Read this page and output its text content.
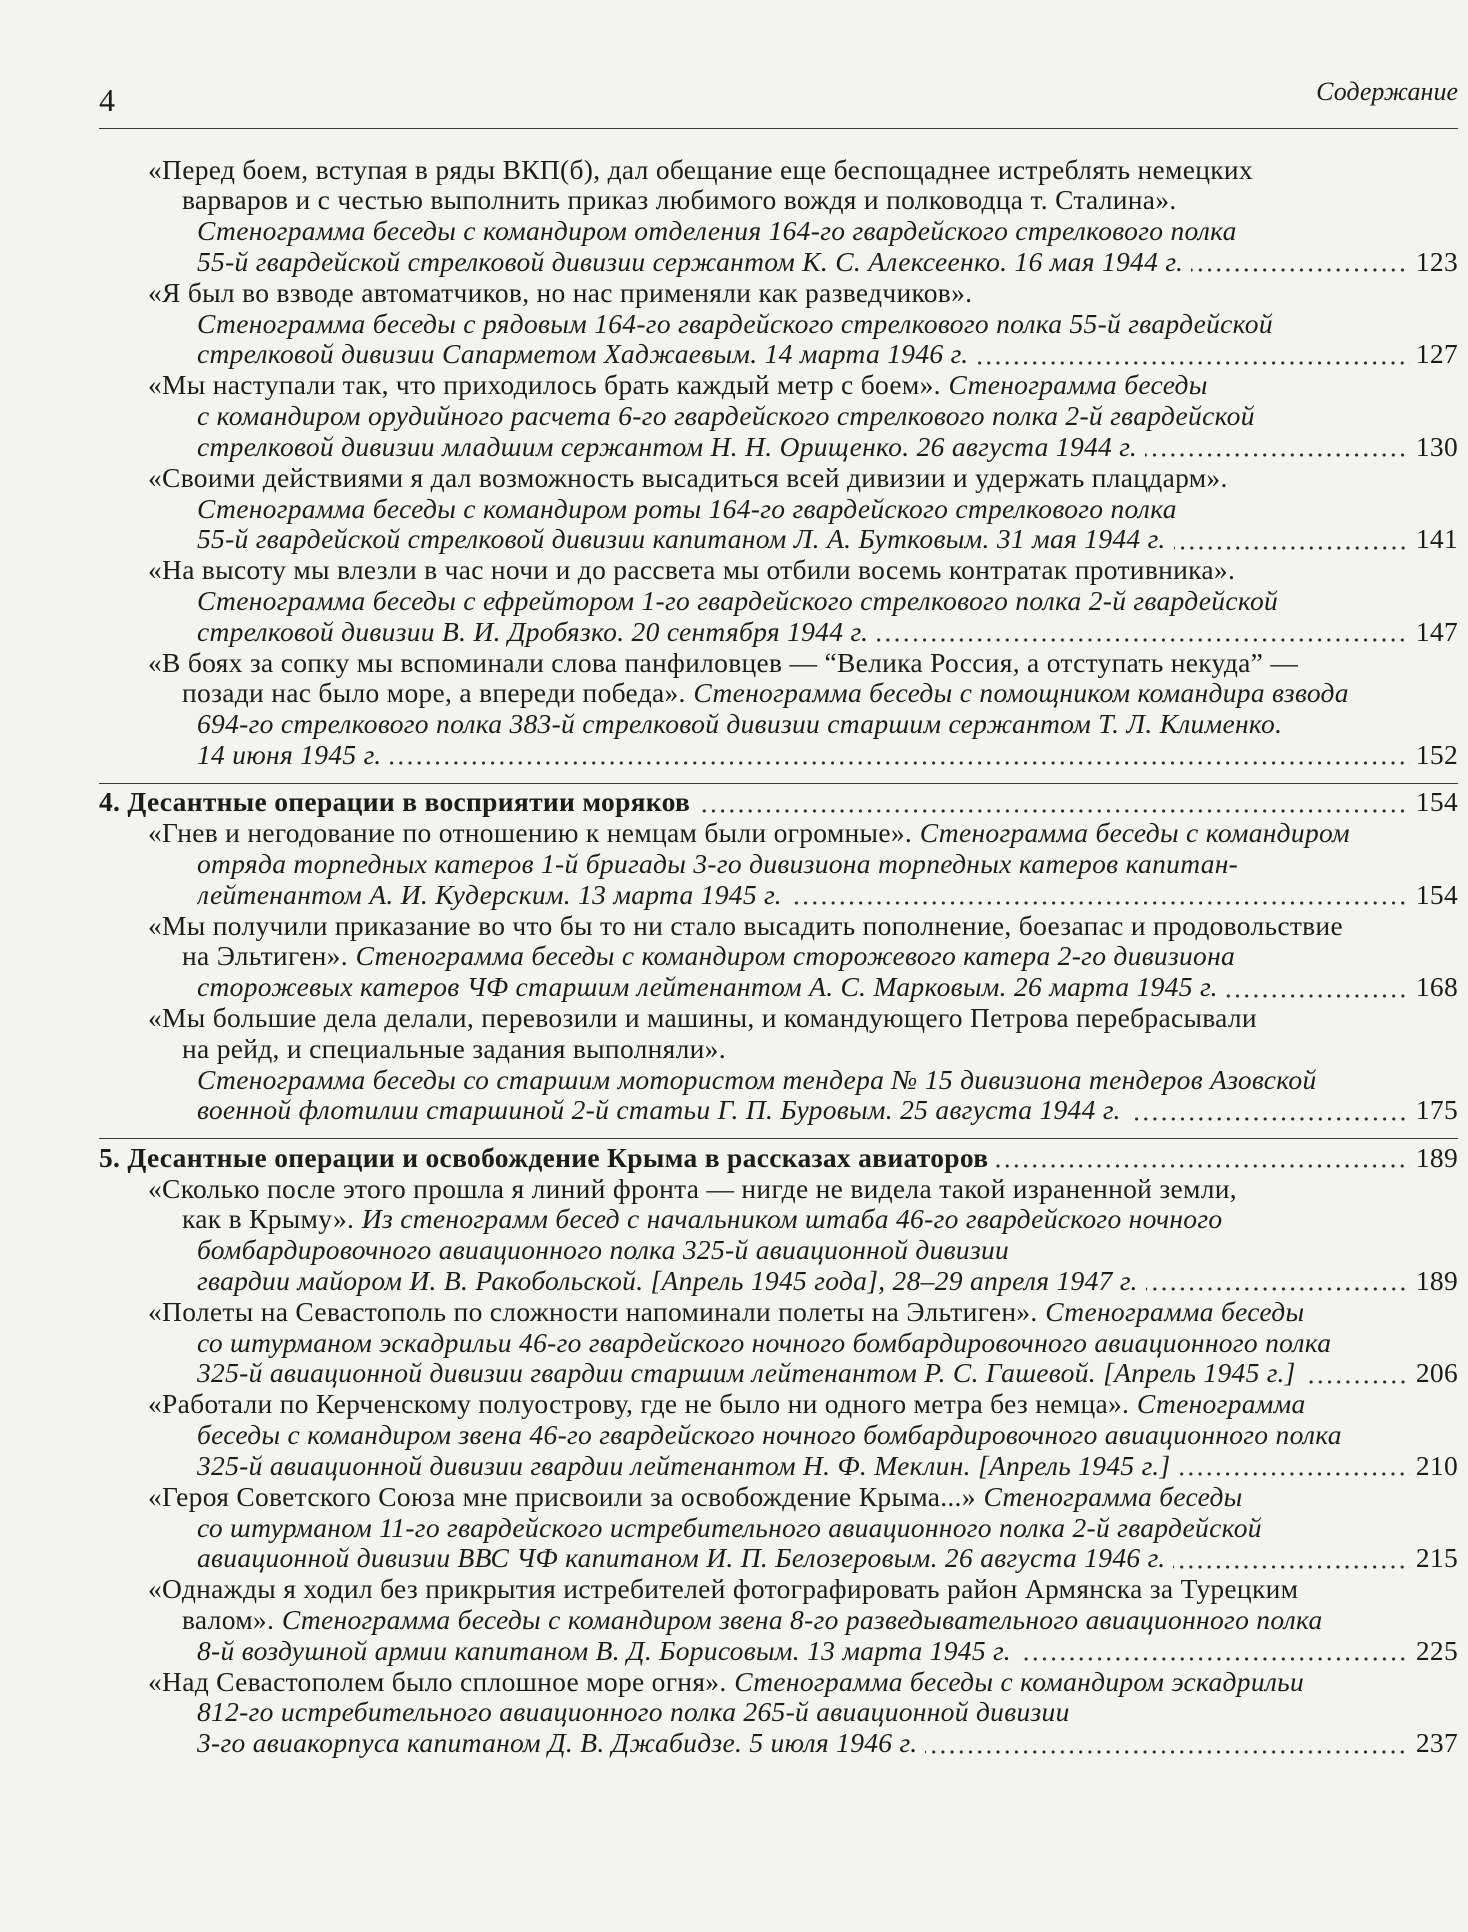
4	Содержание
«Перед боем, вступая в ряды ВКП(б), дал обещание еще беспощаднее истреблять немецких
варваров и с честью выполнить приказ любимого вождя и полководца т. Сталина».
Стенограмма беседы с командиром отделения 164-го гвардейского стрелкового полка
55-й гвардейской стрелковой дивизии сержантом К. С. Алексеенко. 16 мая 1944 г.	123
«Я был во взводе автоматчиков, но нас применяли как разведчиков».
Стенограмма беседы с рядовым 164-го гвардейского стрелкового полка 55-й гвардейской
стрелковой дивизии Сапарметом Хаджаевым. 14 марта 1946 г.	127
«Мы наступали так, что приходилось брать каждый метр с боем». Стенограмма беседы
с командиром орудийного расчета 6-го гвардейского стрелкового полка 2-й гвардейской
стрелковой дивизии младшим сержантом Н. Н. Орищенко. 26 августа 1944 г.	130
«Своими действиями я дал возможность высадиться всей дивизии и удержать плацдарм».
Стенограмма беседы с командиром роты 164-го гвардейского стрелкового полка
55-й гвардейской стрелковой дивизии капитаном Л. А. Бутковым. 31 мая 1944 г.	141
«На высоту мы влезли в час ночи и до рассвета мы отбили восемь контратак противника».
Стенограмма беседы с ефрейтором 1-го гвардейского стрелкового полка 2-й гвардейской
стрелковой дивизии В. И. Дробязко. 20 сентября 1944 г.	147
«В боях за сопку мы вспоминали слова панфиловцев — “Велика Россия, а отступать некуда” —
позади нас было море, а впереди победа». Стенограмма беседы с помощником командира взвода
694-го стрелкового полка 383-й стрелковой дивизии старшим сержантом Т. Л. Клименко.
14 июня 1945 г.	152
4. Десантные операции в восприятии моряков	154
«Гнев и негодование по отношению к немцам были огромные». Стенограмма беседы с командиром
отряда торпедных катеров 1-й бригады 3-го дивизиона торпедных катеров капитан-
лейтенантом А. И. Кудерским. 13 марта 1945 г.	154
«Мы получили приказание во что бы то ни стало высадить пополнение, боезапас и продовольствие
на Эльтиген». Стенограмма беседы с командиром сторожевого катера 2-го дивизиона
сторожевых катеров ЧФ старшим лейтенантом А. С. Марковым. 26 марта 1945 г.	168
«Мы большие дела делали, перевозили и машины, и командующего Петрова перебрасывали
на рейд, и специальные задания выполняли».
Стенограмма беседы со старшим мотористом тендера № 15 дивизиона тендеров Азовской
военной флотилии старшиной 2-й статьи Г. П. Буровым. 25 августа 1944 г.	175
5. Десантные операции и освобождение Крыма в рассказах авиаторов	189
«Сколько после этого прошла я линий фронта — нигде не видела такой израненной земли,
как в Крыму». Из стенограмм бесед с начальником штаба 46-го гвардейского ночного
бомбардировочного авиационного полка 325-й авиационной дивизии
гвардии майором И. В. Ракобольской. [Апрель 1945 года], 28–29 апреля 1947 г.	189
«Полеты на Севастополь по сложности напоминали полеты на Эльтиген». Стенограмма беседы
со штурманом эскадрильи 46-го гвардейского ночного бомбардировочного авиационного полка
325-й авиационной дивизии гвардии старшим лейтенантом Р. С. Гашевой. [Апрель 1945 г.]	206
«Работали по Керченскому полуострову, где не было ни одного метра без немца». Стенограмма
беседы с командиром звена 46-го гвардейского ночного бомбардировочного авиационного полка
325-й авиационной дивизии гвардии лейтенантом Н. Ф. Меклин. [Апрель 1945 г.]	210
«Героя Советского Союза мне присвоили за освобождение Крыма...» Стенограмма беседы
со штурманом 11-го гвардейского истребительного авиационного полка 2-й гвардейской
авиационной дивизии ВВС ЧФ капитаном И. П. Белозеровым. 26 августа 1946 г.	215
«Однажды я ходил без прикрытия истребителей фотографировать район Армянска за Турецким
валом». Стенограмма беседы с командиром звена 8-го разведывательного авиационного полка
8-й воздушной армии капитаном В. Д. Борисовым. 13 марта 1945 г.	225
«Над Севастополем было сплошное море огня». Стенограмма беседы с командиром эскадрильи
812-го истребительного авиационного полка 265-й авиационной дивизии
3-го авиакорпуса капитаном Д. В. Джабидзе. 5 июля 1946 г.	237
